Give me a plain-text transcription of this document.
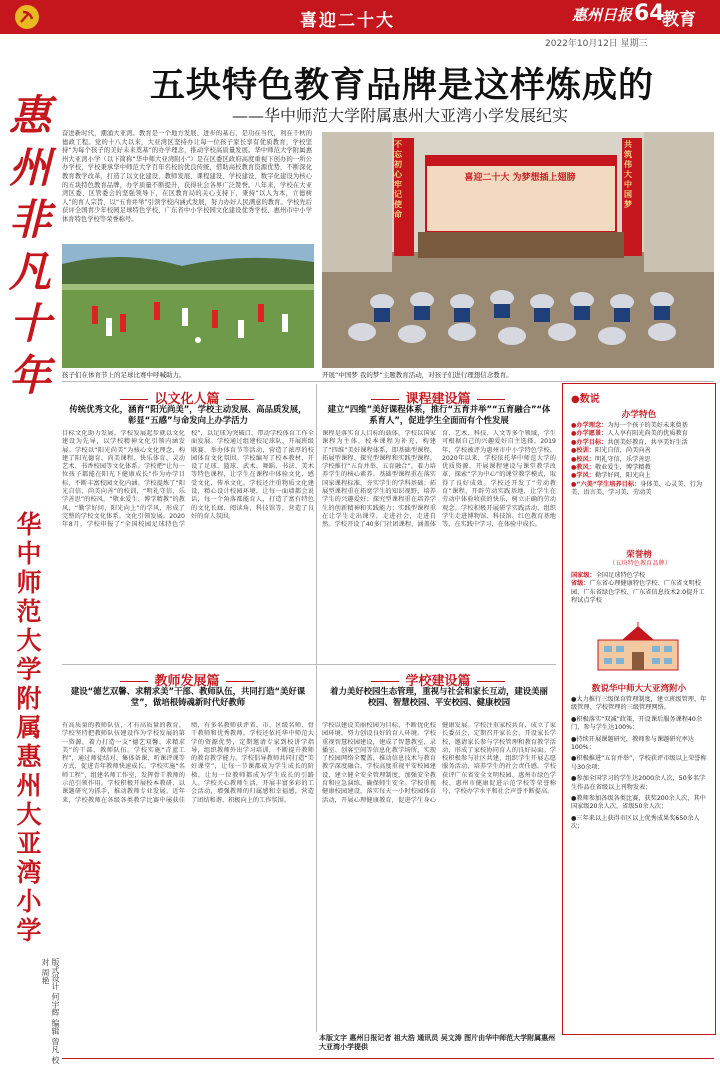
喜迎二十大	惠州日报 64
教育
2022年10月12日 星期三
惠州非凡十年
华中师范大学附属惠州大亚湾小学
版式设计 何宇辉 编辑 曾凡 校对 周艳
五块特色教育品牌是这样炼成的
——华中师范大学附属惠州大亚湾小学发展纪实
奋进新时代，潮涌大亚湾。教育是一个地方发展、进步的基石，是功在当代，利在千秋的德政工程。党的十八大以来，大亚湾区坚持办让每一位孩子家长享有优质教育，学校坚持“为每个孩子的美好未来奠基”的办学理念，推动学校高质量发展。华中师范大学附属惠州大亚湾小学（以下简称“华中师大亚湾附小”）是在区委区政府高度重视下创办的一所公办学校，学校秉承华中师范大学百年名校的优良传统，借助高校教育资源优势，不断深化教育教学改革，打造了以文化建设、教师发展、课程建设、学校建设、数字化建设为核心的五块特色教育品牌，办学质量不断提升，获得社会各界广泛赞誉。八年来，学校在大亚湾区委、区管委会的坚强领导下，在区教育局的关心支持下，秉持“以人为本，立德树人”的育人宗旨，以“五育并举”引领学校内涵式发展，努力办好人民满意的教育。学校先后获评全国青少年校园足球特色学校、广东省中小学校园文化建设优秀学校、惠州市中小学体育特色学校等荣誉称号。
孩子们在体育节上的足球比赛中呼喊助力。
喜迎二十大 为梦想插上翅膀
不忘初心牢记使命
共筑伟大中国梦
开展“中国梦 我的梦”主题教育活动，对孩子们进行理想信念教育。
以文化人篇
传统优秀文化，涵育“阳光尚美”，学校主动发展、高品质发展，彰显“五感”与命发向上办学活力
目标文化助力发展。学校发展起步就以文化建设为先导，以学校精神文化引领内涵发展。学校以“阳光尚美”为核心文化理念，构建了阳光德育、尚美课程、快乐体育、灵动艺术、书香校园等文化体系。学校把“让每一位孩子都能在阳光下健康成长”作为办学目标，不断丰富校园文化内涵。学校提炼了“阳光自信、尚美向善”的校训，“明礼守信、乐学善思”的校风，“敬业爱生、博学精教”的教风，“勤学好问、阳光向上”的学风，形成了完整的学校文化体系。文化引领发展。2020年8月，学校申报了“全国校园足球特色学校”，以足球为突破口，带动学校体育工作全面发展。学校通过组建校足球队、开展班级联赛、举办体育节等活动，营造了浓厚的校园体育文化氛围。学校编写了校本教材，开设了足球、篮球、武术、舞蹈、书法、美术等特色课程，让学生在课程中体验文化、感受文化、传承文化。学校还注重物质文化建设，精心设计校园环境，让每一面墙都会说话，每一个角落都能育人，打造了富有特色的文化长廊、阅读角、科技馆等，营造了良好的育人氛围。
课程建设篇
建立“四维”美好课程体系，推行“五育并举”“五育融合”“体系育人”，促进学生全面而有个性发展
课程是落实育人目标的载体。学校以国家课程为主体，校本课程为补充，构建了“四维”美好课程体系，即基础型课程、拓展型课程、探究型课程和实践型课程。学校推行“五育并举、五育融合”，着力培养学生的核心素养。基础型课程重在落实国家课程标准，夯实学生的学科基础；拓展型课程重在拓宽学生的知识视野，培养学生的兴趣爱好；探究型课程重在培养学生的创新精神和实践能力；实践型课程重在让学生走出课堂，走进社会，走进自然。学校开设了40多门社团课程，涵盖体育、艺术、科技、人文等多个领域，学生可根据自己的兴趣爱好自主选择。2019年，学校被评为惠州市中小学特色学校。2020年以来，学校依托华中师范大学的优质资源，开展课程建设与课堂教学改革，探索“学为中心”的课堂教学模式，取得了良好成效。学校还开发了“劳动教育”课程，开辟劳动实践基地，让学生在劳动中体验收获的快乐，树立正确的劳动观念。学校积极开展研学实践活动，组织学生走进博物馆、科技馆、红色教育基地等，在实践中学习，在体验中成长。
教师发展篇
建设“德艺双馨、求精求美”干部、教师队伍，共同打造“美好课堂”，做培根铸魂新时代好教师
有高质量的教师队伍，才有高质量的教育。学校坚持把教师队伍建设作为学校发展的第一资源，着力打造一支“德艺双馨、求精求美”的干部、教师队伍。学校实施“青蓝工程”，通过师徒结对、集体备课、听课评课等方式，促进青年教师快速成长。学校实施“名师工程”，组建名师工作室，发挥骨干教师的示范引领作用。学校积极开展校本教研，以课题研究为抓手，推动教师专业发展。近年来，学校教师在各级各类教学比赛中屡获佳绩，有多名教师获评省、市、区级名师、骨干教师和优秀教师。学校还依托华中师范大学的资源优势，定期邀请专家到校讲学指导，组织教师外出学习培训，不断提升教师的教育教学能力。学校倡导教师共同打造“美好课堂”，让每一节课都成为学生成长的阶梯，让每一位教师都成为学生成长的引路人。学校关心教师生活，开展丰富多彩的工会活动，增强教师的归属感和幸福感，营造了团结和谐、积极向上的工作氛围。
学校建设篇
着力美好校园生态管理，重视与社会和家长互动，建设美丽校园、智慧校园、平安校园、健康校园
学校以建设美丽校园为目标，不断优化校园环境，努力创设良好的育人环境。学校重视智慧校园建设，建成了智慧教室、录播室、创客空间等信息化教学场所，实现了校园网络全覆盖，推动信息技术与教育教学深度融合。学校高度重视平安校园建设，建立健全安全管理制度，加强安全教育和应急演练，确保师生安全。学校重视健康校园建设，落实每天一小时校园体育活动，开展心理健康教育，促进学生身心健康发展。学校注重家校共育，成立了家长委员会，定期召开家长会，开设家长学校，邀请家长参与学校管理和教育教学活动，形成了家校协同育人的良好局面。学校积极参与社区共建，组织学生开展志愿服务活动，培养学生的社会责任感。学校获评广东省安全文明校园、惠州市绿色学校、惠州市健康促进示范学校等荣誉称号，学校办学水平和社会声誉不断提高。
●数说
办学特色
●办学理念：为每一个孩子的美好未来奠基
●办学愿景：人人享有阳光尚美的优质教育
●办学目标：共创美好教育，共享美好生活
●校训：阳光自信，尚美向善
●校风：明礼守信，乐学善思
●教风：敬业爱生，博学精教
●学风：勤学好问，阳光向上
●“六美”学生培养目标：身体美、心灵美、行为美、语言美、学习美、劳动美
荣誉榜
（五块特色教育品牌）
国家级：全国足球特色学校
省级：广东省心理健康特色学校、广东省文明校园、广东省绿色学校、广东省信息技术2.0提升工程试点学校
数说华中师大大亚湾附小
●大力推行三级保育管理制度，建立班级管理、年级管理、学校管理的三级管理网络。
●积极落实“双减”政策，开设课后服务课程40余门，参与学生达100%；
●持续开展课题研究，教师参与课题研究率达100%；
●积极推进“五育并举”，学校获评市级以上荣誉称号30余项；
●参加全国学习的学生达2000余人次，50多名学生作品在省级以上刊物发表；
●教师参加各级各类比赛，获奖200余人次，其中国家级20余人次，省级50余人次；
●三年来以上获得市区以上优秀成果奖650余人次；
本版文字 惠州日报记者 祖大浩 通讯员 吴文涛 图片由华中师范大学附属惠州大亚湾小学提供
